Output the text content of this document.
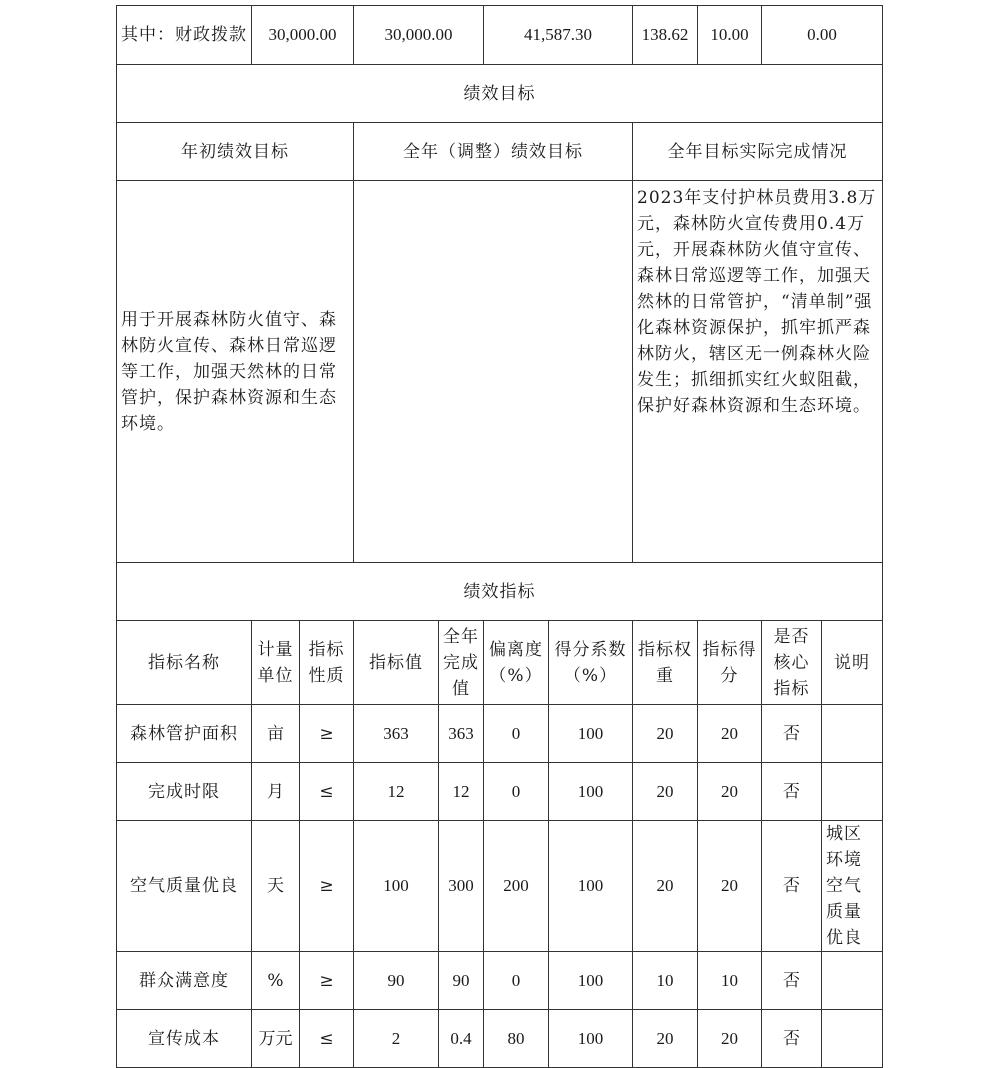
其中：财政拨款	30,000.00		30,000.00		41,587.30		138.62	10.00	0.00	
绩效目标										
年初绩效目标			全年（调整）绩效目标				全年目标实际完成情况			
用于开展森林防火值守、森林防火宣传、森林日常巡逻等工作，加强天然林的日常管护，保护森林资源和生态环境。							2023年支付护林员费用3.8万元，森林防火宣传费用0.4万元，开展森林防火值守宣传、森林日常巡逻等工作，加强天然林的日常管护，“清单制”强化森林资源保护，抓牢抓严森林防火，辖区无一例森林火险发生；抓细抓实红火蚁阻截，保护好森林资源和生态环境。			
绩效指标										
指标名称	计量单位	指标性质	指标值	全年完成值	偏离度（%）	得分系数（%）	指标权重	指标得分	是否核心指标	说明
森林管护面积	亩	≥	363	363	0	100	20	20	否	
完成时限	月	≤	12	12	0	100	20	20	否	
空气质量优良	天	≥	100	300	200	100	20	20	否	城区环境空气质量优良
群众满意度	%	≥	90	90	0	100	10	10	否	
宣传成本	万元	≤	2	0.4	80	100	20	20	否	
